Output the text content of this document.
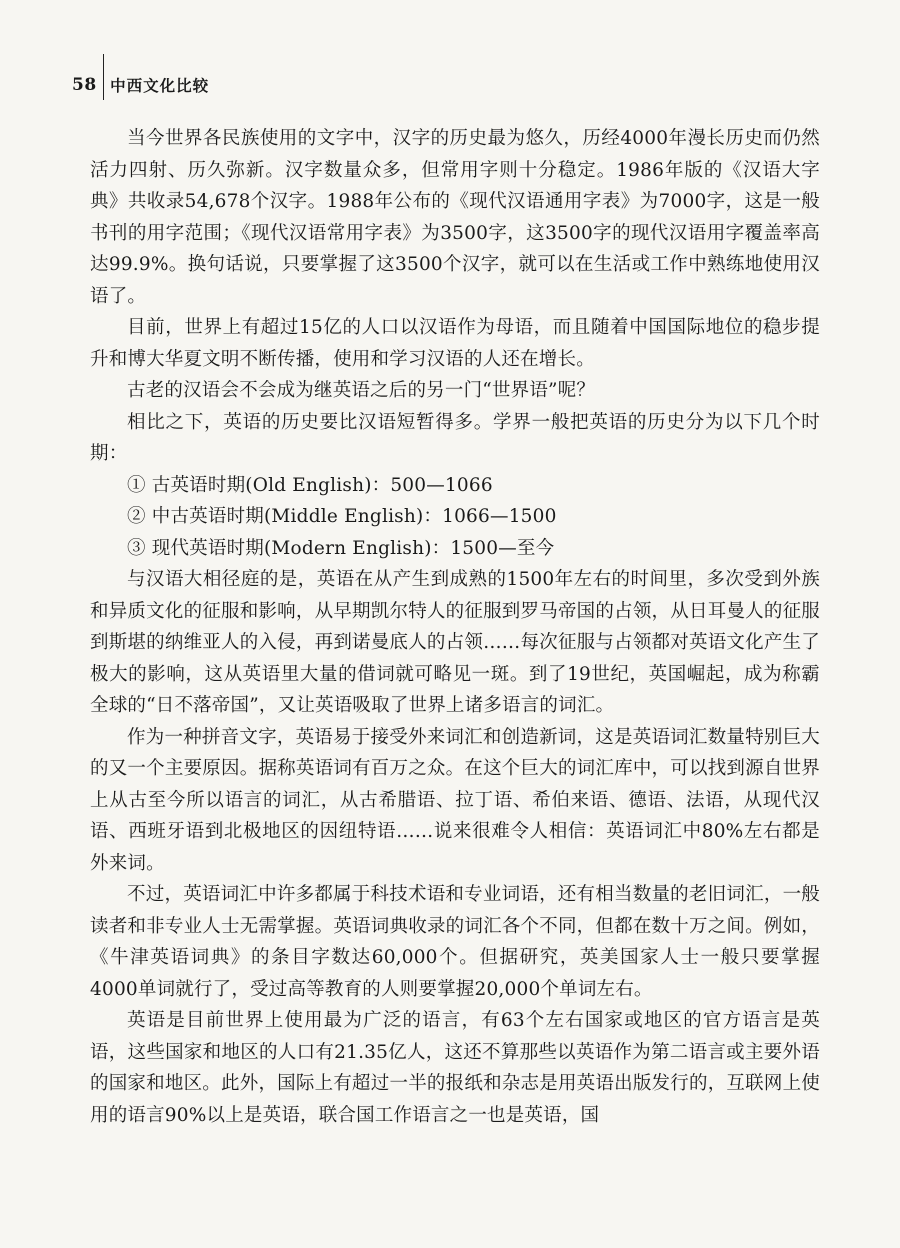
58 中西文化比较

当今世界各民族使用的文字中，汉字的历史最为悠久，历经4000年漫长历史而仍然活力四射、历久弥新。汉字数量众多，但常用字则十分稳定。1986年版的《汉语大字典》共收录54,678个汉字。1988年公布的《现代汉语通用字表》为7000字，这是一般书刊的用字范围；《现代汉语常用字表》为3500字，这3500字的现代汉语用字覆盖率高达99.9%。换句话说，只要掌握了这3500个汉字，就可以在生活或工作中熟练地使用汉语了。

目前，世界上有超过15亿的人口以汉语作为母语，而且随着中国国际地位的稳步提升和博大华夏文明不断传播，使用和学习汉语的人还在增长。

古老的汉语会不会成为继英语之后的另一门“世界语”呢？

相比之下，英语的历史要比汉语短暂得多。学界一般把英语的历史分为以下几个时期：

① 古英语时期(Old English)：500—1066

② 中古英语时期(Middle English)：1066—1500

③ 现代英语时期(Modern English)：1500—至今

与汉语大相径庭的是，英语在从产生到成熟的1500年左右的时间里，多次受到外族和异质文化的征服和影响，从早期凯尔特人的征服到罗马帝国的占领，从日耳曼人的征服到斯堪的纳维亚人的入侵，再到诺曼底人的占领……每次征服与占领都对英语文化产生了极大的影响，这从英语里大量的借词就可略见一斑。到了19世纪，英国崛起，成为称霸全球的“日不落帝国”，又让英语吸取了世界上诸多语言的词汇。

作为一种拼音文字，英语易于接受外来词汇和创造新词，这是英语词汇数量特别巨大的又一个主要原因。据称英语词有百万之众。在这个巨大的词汇库中，可以找到源自世界上从古至今所以语言的词汇，从古希腊语、拉丁语、希伯来语、德语、法语，从现代汉语、西班牙语到北极地区的因纽特语……说来很难令人相信：英语词汇中80%左右都是外来词。

不过，英语词汇中许多都属于科技术语和专业词语，还有相当数量的老旧词汇，一般读者和非专业人士无需掌握。英语词典收录的词汇各个不同，但都在数十万之间。例如，《牛津英语词典》的条目字数达60,000个。但据研究，英美国家人士一般只要掌握4000单词就行了，受过高等教育的人则要掌握20,000个单词左右。

英语是目前世界上使用最为广泛的语言，有63个左右国家或地区的官方语言是英语，这些国家和地区的人口有21.35亿人，这还不算那些以英语作为第二语言或主要外语的国家和地区。此外，国际上有超过一半的报纸和杂志是用英语出版发行的，互联网上使用的语言90%以上是英语，联合国工作语言之一也是英语，国
